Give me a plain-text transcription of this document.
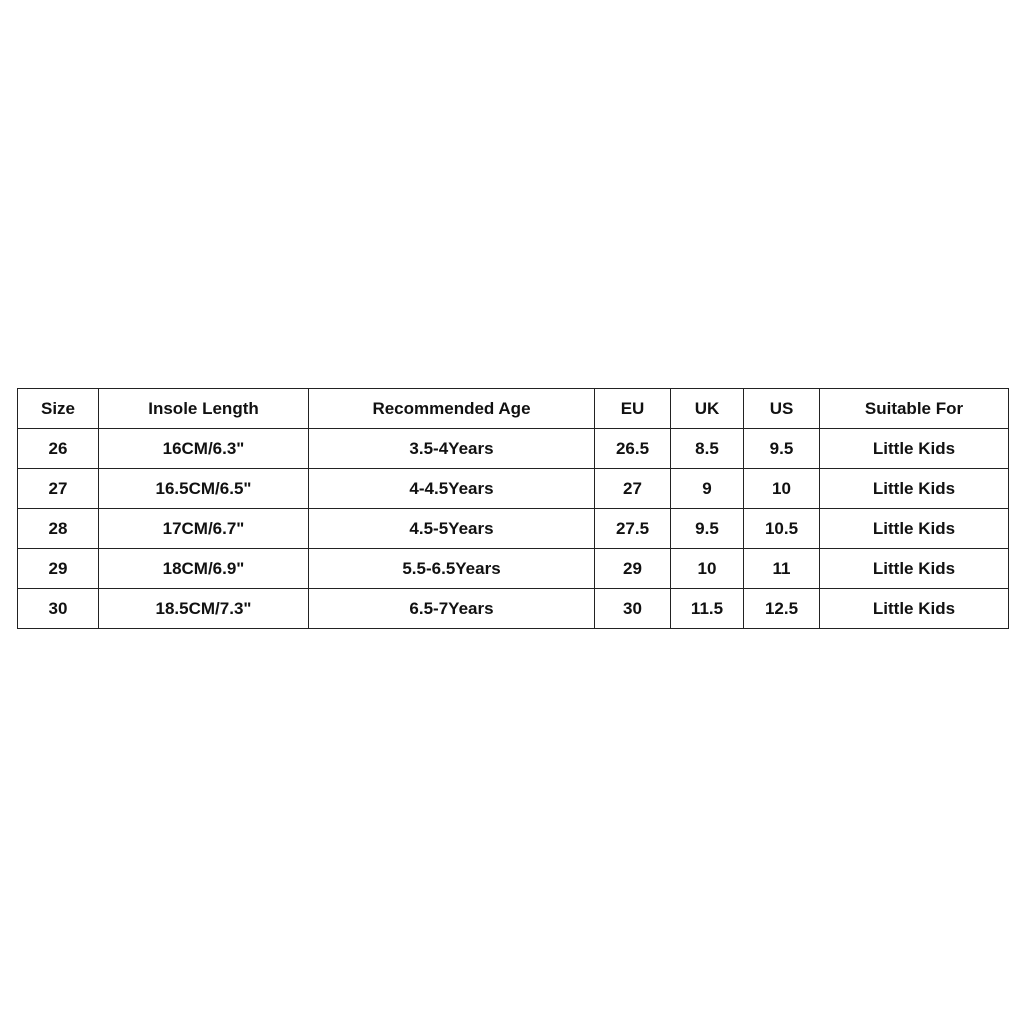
Size	Insole Length	Recommended Age	EU	UK	US	Suitable For
26	16CM/6.3"	3.5-4Years	26.5	8.5	9.5	Little Kids
27	16.5CM/6.5"	4-4.5Years	27	9	10	Little Kids
28	17CM/6.7"	4.5-5Years	27.5	9.5	10.5	Little Kids
29	18CM/6.9"	5.5-6.5Years	29	10	11	Little Kids
30	18.5CM/7.3"	6.5-7Years	30	11.5	12.5	Little Kids
